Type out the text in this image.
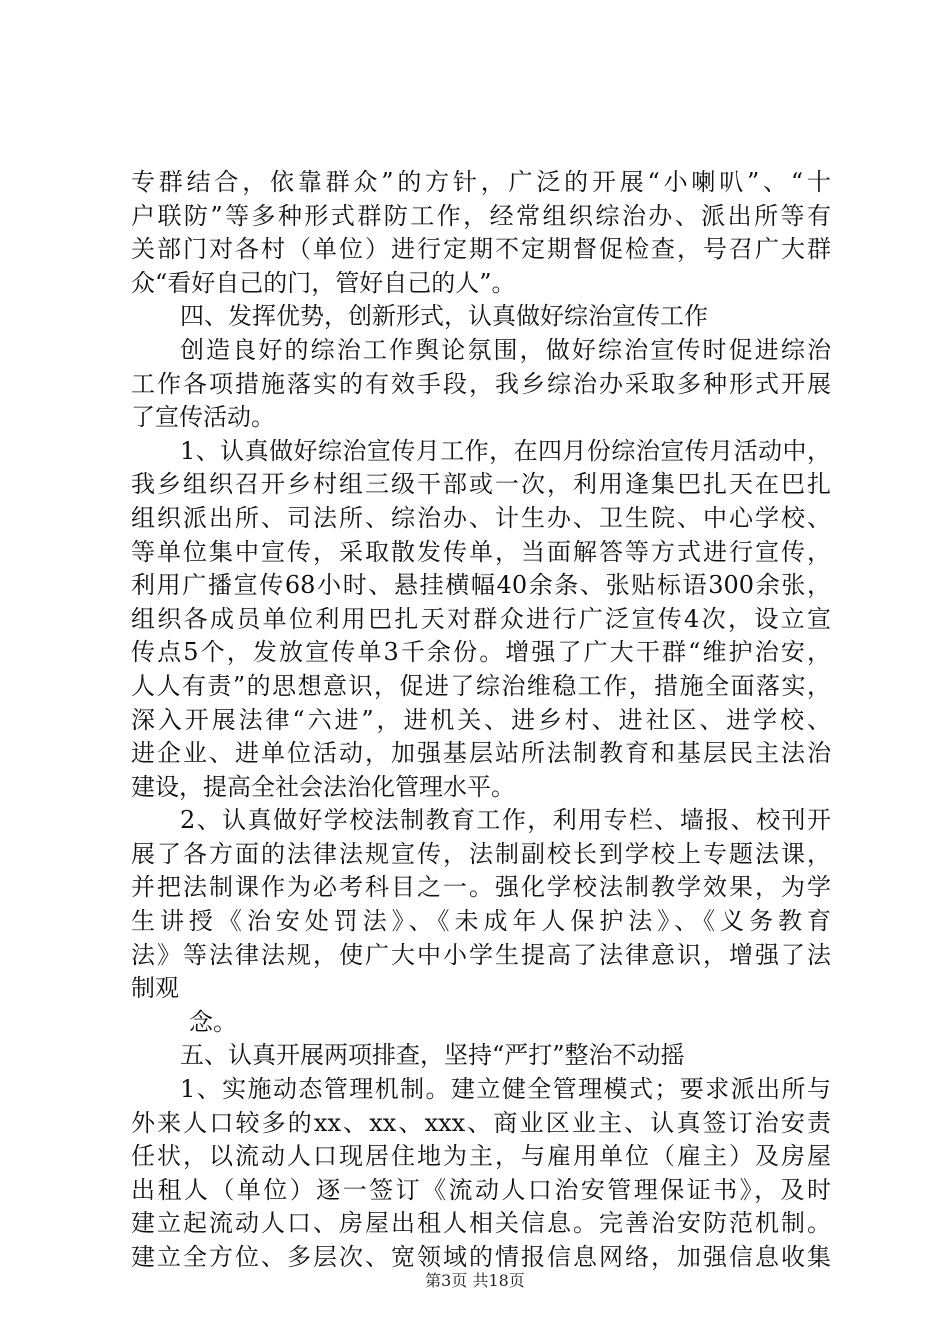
专群结合，依靠群众”的方针，广泛的开展“小喇叭”、“十
户联防”等多种形式群防工作，经常组织综治办、派出所等有
关部门对各村（单位）进行定期不定期督促检查，号召广大群
众“看好自己的门，管好自己的人”。
四、发挥优势，创新形式，认真做好综治宣传工作
创造良好的综治工作舆论氛围，做好综治宣传时促进综治
工作各项措施落实的有效手段，我乡综治办采取多种形式开展
了宣传活动。
1、认真做好综治宣传月工作，在四月份综治宣传月活动中，
我乡组织召开乡村组三级干部或一次，利用逢集巴扎天在巴扎
组织派出所、司法所、综治办、计生办、卫生院、中心学校、
等单位集中宣传，采取散发传单，当面解答等方式进行宣传，
利用广播宣传68小时、悬挂横幅40余条、张贴标语300余张，
组织各成员单位利用巴扎天对群众进行广泛宣传4次，设立宣
传点5个，发放宣传单3千余份。增强了广大干群“维护治安，
人人有责”的思想意识，促进了综治维稳工作，措施全面落实，
深入开展法律“六进”，进机关、进乡村、进社区、进学校、
进企业、进单位活动，加强基层站所法制教育和基层民主法治
建设，提高全社会法治化管理水平。
2、认真做好学校法制教育工作，利用专栏、墙报、校刊开
展了各方面的法律法规宣传，法制副校长到学校上专题法课，
并把法制课作为必考科目之一。强化学校法制教学效果，为学
生讲授《治安处罚法》、《未成年人保护法》、《义务教育
法》等法律法规，使广大中小学生提高了法律意识，增强了法
制观
念。
五、认真开展两项排查，坚持“严打”整治不动摇
1、实施动态管理机制。建立健全管理模式；要求派出所与
外来人口较多的xx、xx、xxx、商业区业主、认真签订治安责
任状，以流动人口现居住地为主，与雇用单位（雇主）及房屋
出租人（单位）逐一签订《流动人口治安管理保证书》，及时
建立起流动人口、房屋出租人相关信息。完善治安防范机制。
建立全方位、多层次、宽领域的情报信息网络，加强信息收集
第3页 共18页
